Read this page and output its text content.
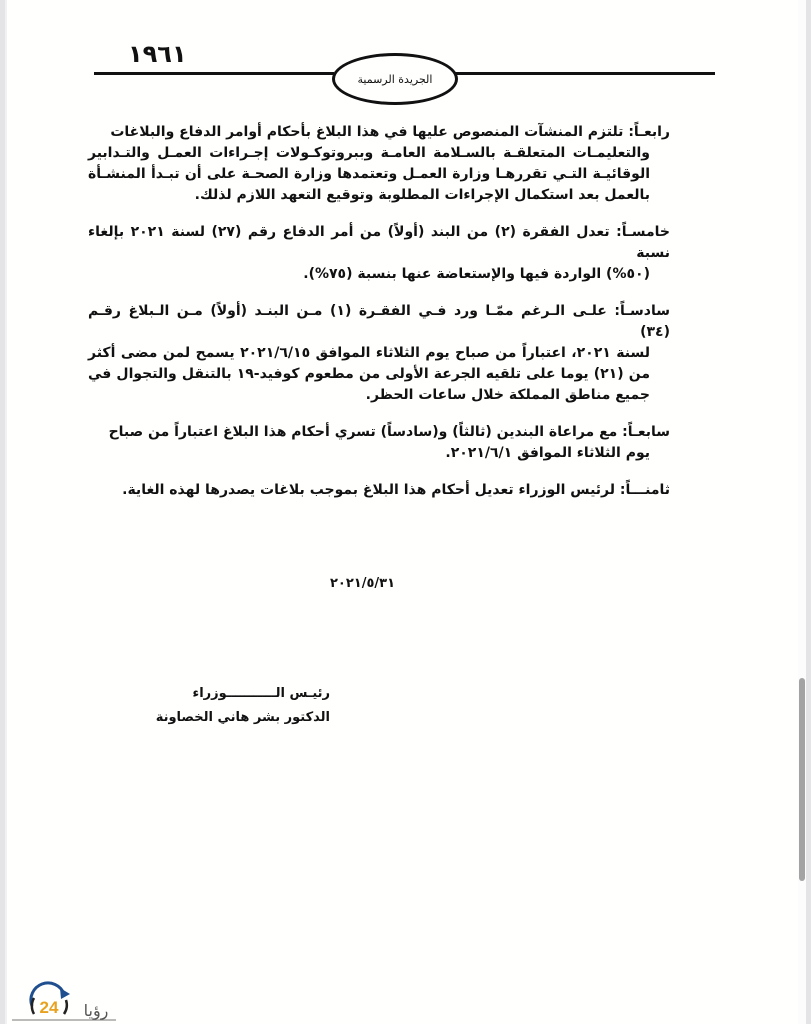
١٩٦١
الجريدة الرسمية
رابعـاً: تلتزم المنشآت المنصوص عليها في هذا البلاغ بأحكام أوامر الدفاع والبلاغات
والتعليمـات المتعلقـة بالسـلامة العامـة وببروتوكـولات إجـراءات العمـل والتـدابير الوقائيـة التـي تقررهـا وزارة العمـل وتعتمدها وزارة الصحـة على أن تبـدأ المنشـأة بالعمل بعد استكمال الإجراءات المطلوبة وتوقيع التعهد اللازم لذلك.
خامسـاً: تعدل الفقرة (٢) من البند (أولاً) من أمر الدفاع رقم (٢٧) لسنة ٢٠٢١ بإلغاء نسبة
(٥٠%) الواردة فيها والإستعاضة عنها بنسبة (٧٥%).
سادسـاً: علـى الـرغم ممّـا ورد فـي الفقـرة (١) مـن البنـد (أولاً) مـن الـبلاغ رقـم (٣٤)
لسنة ٢٠٢١، اعتباراً من صباح يوم الثلاثاء الموافق ٢٠٢١/٦/١٥ يسمح لمن مضى أكثر من (٢١) يوما على تلقيه الجرعة الأولى من مطعوم كوفيد-١٩ بالتنقل والتجوال في جميع مناطق المملكة خلال ساعات الحظر.
سابعـاً: مع مراعاة البندين (ثالثاً) و(سادساً) تسري أحكام هذا البلاغ اعتباراً من صباح
يوم الثلاثاء الموافق ٢٠٢١/٦/١.
ثامنـــاً: لرئيس الوزراء تعديل أحكام هذا البلاغ بموجب بلاغات يصدرها لهذه الغاية.
٢٠٢١/٥/٣١
رئيـس الـــــــــــوزراء
الدكتور بشر هاني الخصاونة
24 رؤيا
